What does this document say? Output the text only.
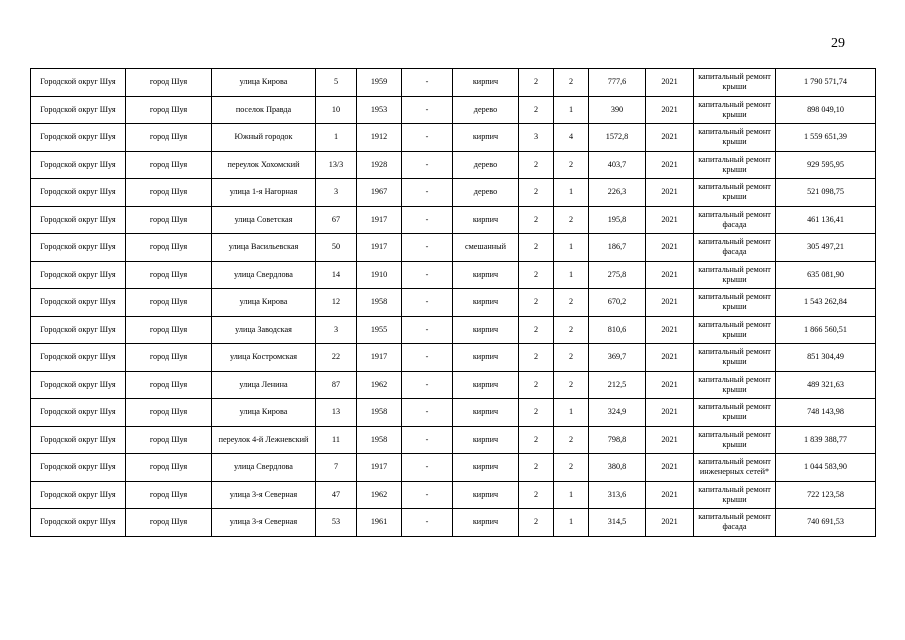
29
Городской округ Шуя	город Шуя	улица Кирова	5	1959	-	кирпич	2	2	777,6	2021	капитальный ремонт крыши	1 790 571,74
Городской округ Шуя	город Шуя	поселок Правда	10	1953	-	дерево	2	1	390	2021	капитальный ремонт крыши	898 049,10
Городской округ Шуя	город Шуя	Южный городок	1	1912	-	кирпич	3	4	1572,8	2021	капитальный ремонт крыши	1 559 651,39
Городской округ Шуя	город Шуя	переулок Хохомский	13/3	1928	-	дерево	2	2	403,7	2021	капитальный ремонт крыши	929 595,95
Городской округ Шуя	город Шуя	улица 1-я Нагорная	3	1967	-	дерево	2	1	226,3	2021	капитальный ремонт крыши	521 098,75
Городской округ Шуя	город Шуя	улица Советская	67	1917	-	кирпич	2	2	195,8	2021	капитальный ремонт фасада	461 136,41
Городской округ Шуя	город Шуя	улица Васильевская	50	1917	-	смешанный	2	1	186,7	2021	капитальный ремонт фасада	305 497,21
Городской округ Шуя	город Шуя	улица Свердлова	14	1910	-	кирпич	2	1	275,8	2021	капитальный ремонт крыши	635 081,90
Городской округ Шуя	город Шуя	улица Кирова	12	1958	-	кирпич	2	2	670,2	2021	капитальный ремонт крыши	1 543 262,84
Городской округ Шуя	город Шуя	улица Заводская	3	1955	-	кирпич	2	2	810,6	2021	капитальный ремонт крыши	1 866 560,51
Городской округ Шуя	город Шуя	улица Костромская	22	1917	-	кирпич	2	2	369,7	2021	капитальный ремонт крыши	851 304,49
Городской округ Шуя	город Шуя	улица Ленина	87	1962	-	кирпич	2	2	212,5	2021	капитальный ремонт крыши	489 321,63
Городской округ Шуя	город Шуя	улица Кирова	13	1958	-	кирпич	2	1	324,9	2021	капитальный ремонт крыши	748 143,98
Городской округ Шуя	город Шуя	переулок 4-й Лежневский	11	1958	-	кирпич	2	2	798,8	2021	капитальный ремонт крыши	1 839 388,77
Городской округ Шуя	город Шуя	улица Свердлова	7	1917	-	кирпич	2	2	380,8	2021	капитальный ремонт инженерных сетей*	1 044 583,90
Городской округ Шуя	город Шуя	улица 3-я Северная	47	1962	-	кирпич	2	1	313,6	2021	капитальный ремонт крыши	722 123,58
Городской округ Шуя	город Шуя	улица 3-я Северная	53	1961	-	кирпич	2	1	314,5	2021	капитальный ремонт фасада	740 691,53
